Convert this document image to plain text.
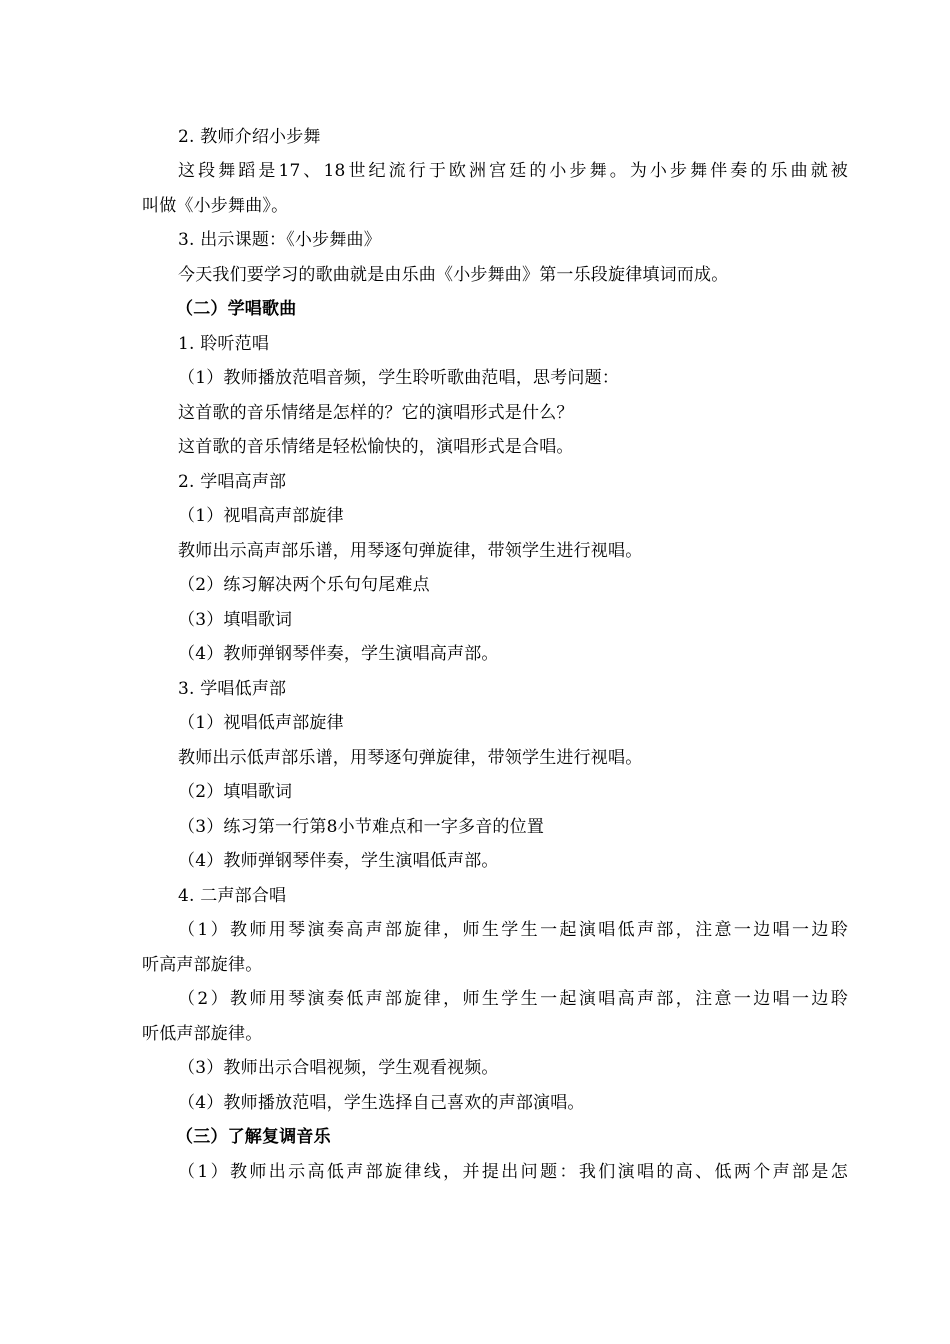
2. 教师介绍小步舞
这段舞蹈是17、18世纪流行于欧洲宫廷的小步舞。为小步舞伴奏的乐曲就被
叫做《小步舞曲》。
3. 出示课题：《小步舞曲》
今天我们要学习的歌曲就是由乐曲《小步舞曲》第一乐段旋律填词而成。
（二）学唱歌曲
1. 聆听范唱
（1）教师播放范唱音频，学生聆听歌曲范唱，思考问题：
这首歌的音乐情绪是怎样的？它的演唱形式是什么？
这首歌的音乐情绪是轻松愉快的，演唱形式是合唱。
2. 学唱高声部
（1）视唱高声部旋律
教师出示高声部乐谱，用琴逐句弹旋律，带领学生进行视唱。
（2）练习解决两个乐句句尾难点
（3）填唱歌词
（4）教师弹钢琴伴奏，学生演唱高声部。
3. 学唱低声部
（1）视唱低声部旋律
教师出示低声部乐谱，用琴逐句弹旋律，带领学生进行视唱。
（2）填唱歌词
（3）练习第一行第8小节难点和一字多音的位置
（4）教师弹钢琴伴奏，学生演唱低声部。
4. 二声部合唱
（1）教师用琴演奏高声部旋律，师生学生一起演唱低声部，注意一边唱一边聆
听高声部旋律。
（2）教师用琴演奏低声部旋律，师生学生一起演唱高声部，注意一边唱一边聆
听低声部旋律。
（3）教师出示合唱视频，学生观看视频。
（4）教师播放范唱，学生选择自己喜欢的声部演唱。
（三）了解复调音乐
（1）教师出示高低声部旋律线，并提出问题：我们演唱的高、低两个声部是怎
